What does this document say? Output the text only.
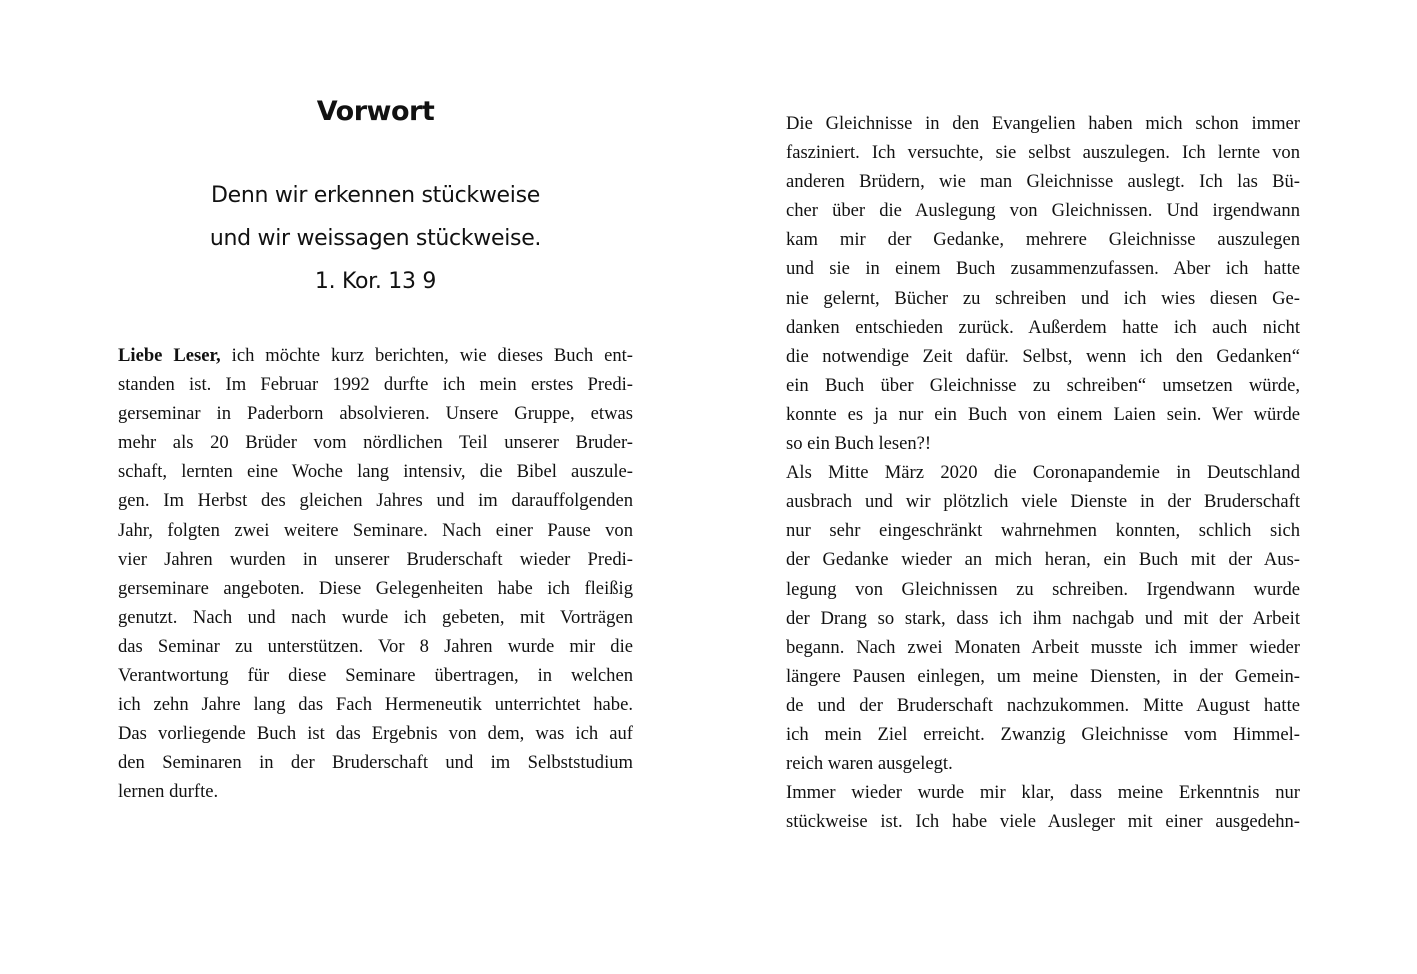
Vorwort
Denn wir erkennen stückweise
und wir weissagen stückweise.
1. Kor. 13 9
Liebe Leser, ich möchte kurz berichten, wie dieses Buch ent-
standen ist. Im Februar 1992 durfte ich mein erstes Predi-
gerseminar in Paderborn absolvieren. Unsere Gruppe, etwas
mehr als 20 Brüder vom nördlichen Teil unserer Bruder-
schaft, lernten eine Woche lang intensiv, die Bibel auszule-
gen. Im Herbst des gleichen Jahres und im darauffolgenden
Jahr, folgten zwei weitere Seminare. Nach einer Pause von
vier Jahren wurden in unserer Bruderschaft wieder Predi-
gerseminare angeboten. Diese Gelegenheiten habe ich fleißig
genutzt. Nach und nach wurde ich gebeten, mit Vorträgen
das Seminar zu unterstützen. Vor 8 Jahren wurde mir die
Verantwortung für diese Seminare übertragen, in welchen
ich zehn Jahre lang das Fach Hermeneutik unterrichtet habe.
Das vorliegende Buch ist das Ergebnis von dem, was ich auf
den Seminaren in der Bruderschaft und im Selbststudium
lernen durfte.
Die Gleichnisse in den Evangelien haben mich schon immer
fasziniert. Ich versuchte, sie selbst auszulegen. Ich lernte von
anderen Brüdern, wie man Gleichnisse auslegt. Ich las Bü-
cher über die Auslegung von Gleichnissen. Und irgendwann
kam mir der Gedanke, mehrere Gleichnisse auszulegen
und sie in einem Buch zusammenzufassen. Aber ich hatte
nie gelernt, Bücher zu schreiben und ich wies diesen Ge-
danken entschieden zurück. Außerdem hatte ich auch nicht
die notwendige Zeit dafür. Selbst, wenn ich den Gedanken“
ein Buch über Gleichnisse zu schreiben“ umsetzen würde,
konnte es ja nur ein Buch von einem Laien sein. Wer würde
so ein Buch lesen?!
Als Mitte März 2020 die Coronapandemie in Deutschland
ausbrach und wir plötzlich viele Dienste in der Bruderschaft
nur sehr eingeschränkt wahrnehmen konnten, schlich sich
der Gedanke wieder an mich heran, ein Buch mit der Aus-
legung von Gleichnissen zu schreiben. Irgendwann wurde
der Drang so stark, dass ich ihm nachgab und mit der Arbeit
begann. Nach zwei Monaten Arbeit musste ich immer wieder
längere Pausen einlegen, um meine Diensten, in der Gemein-
de und der Bruderschaft nachzukommen. Mitte August hatte
ich mein Ziel erreicht. Zwanzig Gleichnisse vom Himmel-
reich waren ausgelegt.
Immer wieder wurde mir klar, dass meine Erkenntnis nur
stückweise ist. Ich habe viele Ausleger mit einer ausgedehn-
